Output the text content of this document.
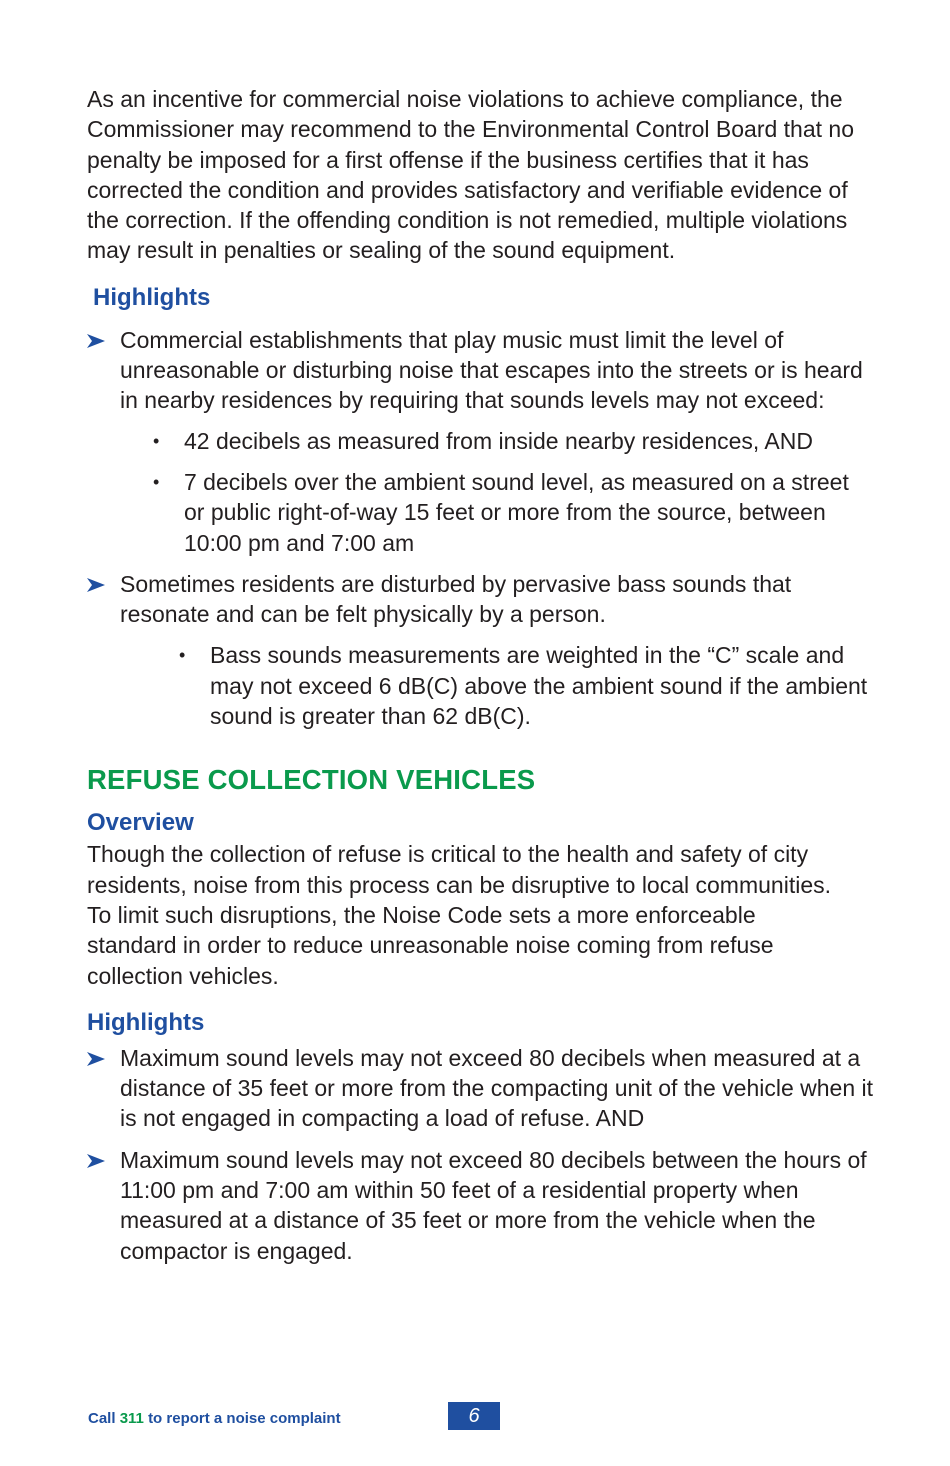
As an incentive for commercial noise violations to achieve compliance, the Commissioner may recommend to the Environmental Control Board that no penalty be imposed for a first offense if the business certifies that it has corrected the condition and provides satisfactory and verifiable evidence of the correction. If the offending condition is not remedied, multiple violations may result in penalties or sealing of the sound equipment.

Highlights
Commercial establishments that play music must limit the level of unreasonable or disturbing noise that escapes into the streets or is heard in nearby residences by requiring that sounds levels may not exceed:
• 42 decibels as measured from inside nearby residences, AND
• 7 decibels over the ambient sound level, as measured on a street or public right-of-way 15 feet or more from the source, between 10:00 pm and 7:00 am
Sometimes residents are disturbed by pervasive bass sounds that resonate and can be felt physically by a person.
• Bass sounds measurements are weighted in the “C” scale and may not exceed 6 dB(C) above the ambient sound if the ambient sound is greater than 62 dB(C).
REFUSE COLLECTION VEHICLES
Overview

Though the collection of refuse is critical to the health and safety of city residents, noise from this process can be disruptive to local communities. To limit such disruptions, the Noise Code sets a more enforceable standard in order to reduce unreasonable noise coming from refuse collection vehicles.

Highlights
Maximum sound levels may not exceed 80 decibels when measured at a distance of 35 feet or more from the compacting unit of the vehicle when it is not engaged in compacting a load of refuse. AND
Maximum sound levels may not exceed 80 decibels between the hours of 11:00 pm and 7:00 am within 50 feet of a residential property when measured at a distance of 35 feet or more from the vehicle when the compactor is engaged.
Call 311 to report a noise complaint	6
